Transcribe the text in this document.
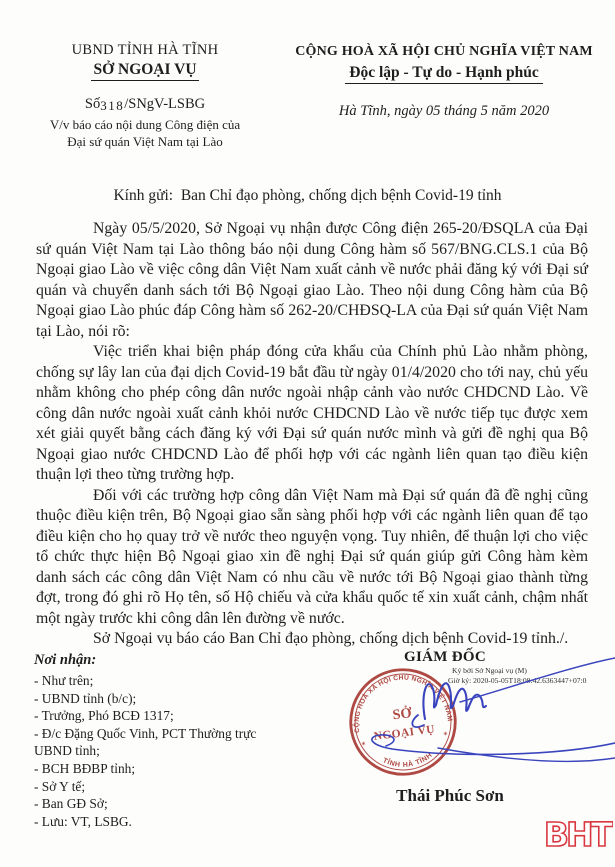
UBND TỈNH HÀ TĨNH
SỞ NGOẠI VỤ
Số318/SNgV-LSBG
V/v báo cáo nội dung Công điện của
Đại sứ quán Việt Nam tại Lào
CỘNG HOÀ XÃ HỘI CHỦ NGHĨA VIỆT NAM
Độc lập - Tự do - Hạnh phúc
Hà Tĩnh, ngày 05 tháng 5 năm 2020
Kính gửi:  Ban Chỉ đạo phòng, chống dịch bệnh Covid-19 tỉnh

Ngày 05/5/2020, Sở Ngoại vụ nhận được Công điện 265-20/ĐSQLA của Đại sứ quán Việt Nam tại Lào thông báo nội dung Công hàm số 567/BNG.CLS.1 của Bộ Ngoại giao Lào về việc công dân Việt Nam xuất cảnh về nước phải đăng ký với Đại sứ quán và chuyển danh sách tới Bộ Ngoại giao Lào. Theo nội dung Công hàm của Bộ Ngoại giao Lào phúc đáp Công hàm số 262-20/CHĐSQ-LA của Đại sứ quán Việt Nam tại Lào, nói rõ:

Việc triển khai biện pháp đóng cửa khẩu của Chính phủ Lào nhằm phòng, chống sự lây lan của đại dịch Covid-19 bắt đầu từ ngày 01/4/2020 cho tới nay, chủ yếu nhằm không cho phép công dân nước ngoài nhập cảnh vào nước CHDCND Lào. Về công dân nước ngoài xuất cảnh khỏi nước CHDCND Lào về nước tiếp tục được xem xét giải quyết bằng cách đăng ký với Đại sứ quán nước mình và gửi đề nghị qua Bộ Ngoại giao nước CHDCND Lào để phối hợp với các ngành liên quan tạo điều kiện thuận lợi theo từng trường hợp.

Đối với các trường hợp công dân Việt Nam mà Đại sứ quán đã đề nghị cũng thuộc điều kiện trên, Bộ Ngoại giao sẵn sàng phối hợp với các ngành liên quan để tạo điều kiện cho họ quay trở về nước theo nguyện vọng. Tuy nhiên, để thuận lợi cho việc tổ chức thực hiện Bộ Ngoại giao xin đề nghị Đại sứ quán giúp gửi Công hàm kèm danh sách các công dân Việt Nam có nhu cầu về nước tới Bộ Ngoại giao thành từng đợt, trong đó ghi rõ Họ tên, số Hộ chiếu và cửa khẩu quốc tế xin xuất cảnh, chậm nhất một ngày trước khi công dân lên đường về nước.

Sở Ngoại vụ báo cáo Ban Chỉ đạo phòng, chống dịch bệnh Covid-19 tỉnh./.

Nơi nhận:
- Như trên;
- UBND tỉnh (b/c);
- Trưởng, Phó BCĐ 1317;
- Đ/c Đặng Quốc Vinh, PCT Thường trực UBND tỉnh;
- BCH BĐBP tỉnh;
- Sở Y tế;
- Ban GĐ Sở;
- Lưu: VT, LSBG.
GIÁM ĐỐC
Ký bởi Sở Ngoại vụ (M)
Giờ ký: 2020-05-05T18:08:42.6363447+07:0
CỘNG HOÀ XÃ HỘI CHỦ NGHĨA VIỆT NAM
TỈNH HÀ TĨNH
✶
✶
SỞ
NGOẠI VỤ
Thái Phúc Sơn
BHT
